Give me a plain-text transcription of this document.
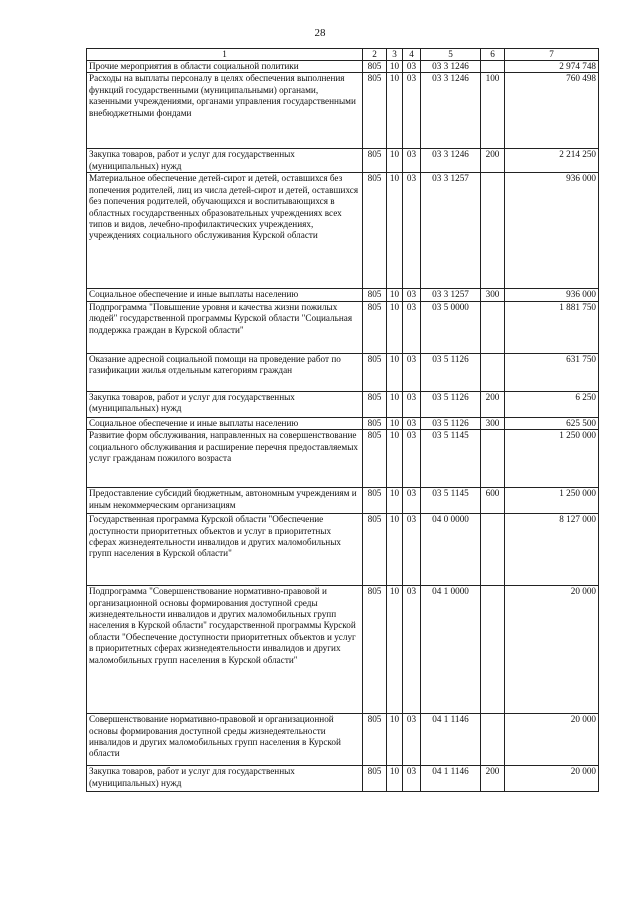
28
1	2	3	4	5	6	7
Прочие мероприятия в области социальной политики	805	10	03	03 3 1246		2 974 748
Расходы на выплаты персоналу в целях обеспечения выполнения функций государственными (муниципальными) органами, казенными учреждениями, органами управления государственными внебюджетными фондами	805	10	03	03 3 1246	100	760 498
Закупка товаров, работ и услуг для государственных (муниципальных) нужд	805	10	03	03 3 1246	200	2 214 250
Материальное обеспечение детей-сирот и детей, оставшихся без попечения родителей, лиц из числа детей-сирот и детей, оставшихся без попечения родителей, обучающихся и воспитывающихся в областных государственных образовательных учреждениях всех типов и видов, лечебно-профилактических учреждениях, учреждениях социального обслуживания Курской области	805	10	03	03 3 1257		936 000
Социальное обеспечение и иные выплаты населению	805	10	03	03 3 1257	300	936 000
Подпрограмма "Повышение уровня и качества жизни пожилых людей" государственной программы Курской области "Социальная поддержка граждан в Курской области"	805	10	03	03 5 0000		1 881 750
Оказание адресной социальной помощи на проведение работ по газификации жилья отдельным категориям граждан	805	10	03	03 5 1126		631 750
Закупка товаров, работ и услуг для государственных (муниципальных) нужд	805	10	03	03 5 1126	200	6 250
Социальное обеспечение и иные выплаты населению	805	10	03	03 5 1126	300	625 500
Развитие форм обслуживания, направленных на совершенствование социального обслуживания и расширение перечня предоставляемых услуг гражданам пожилого возраста	805	10	03	03 5 1145		1 250 000
Предоставление субсидий бюджетным, автономным учреждениям и иным некоммерческим организациям	805	10	03	03 5 1145	600	1 250 000
Государственная программа Курской области "Обеспечение доступности приоритетных объектов и услуг в приоритетных сферах жизнедеятельности инвалидов и других маломобильных групп населения в Курской области"	805	10	03	04 0 0000		8 127 000
Подпрограмма "Совершенствование нормативно-правовой и организационной основы формирования доступной среды жизнедеятельности инвалидов и других маломобильных групп населения в Курской области" государственной программы Курской области "Обеспечение доступности приоритетных объектов и услуг в приоритетных сферах жизнедеятельности инвалидов и других маломобильных групп населения в Курской области"	805	10	03	04 1 0000		20 000
Совершенствование нормативно-правовой и организационной основы формирования доступной среды жизнедеятельности инвалидов и других маломобильных групп населения в Курской области	805	10	03	04 1 1146		20 000
Закупка товаров, работ и услуг для государственных (муниципальных) нужд	805	10	03	04 1 1146	200	20 000
